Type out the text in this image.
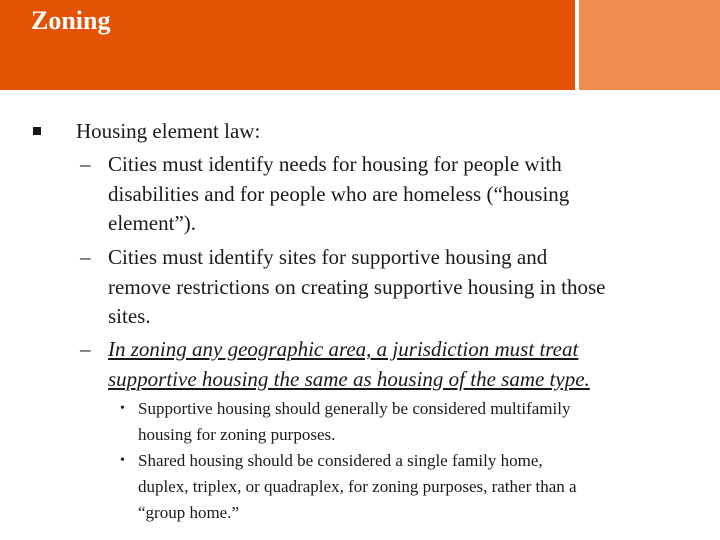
Zoning
Housing element law:
– Cities must identify needs for housing for people with
disabilities and for people who are homeless (“housing
element”).
– Cities must identify sites for supportive housing and
remove restrictions on creating supportive housing in those
sites.
– In zoning any geographic area, a jurisdiction must treat
supportive housing the same as housing of the same type.
• Supportive housing should generally be considered multifamily
housing for zoning purposes.
• Shared housing should be considered a single family home,
duplex, triplex, or quadraplex, for zoning purposes, rather than a
“group home.”
